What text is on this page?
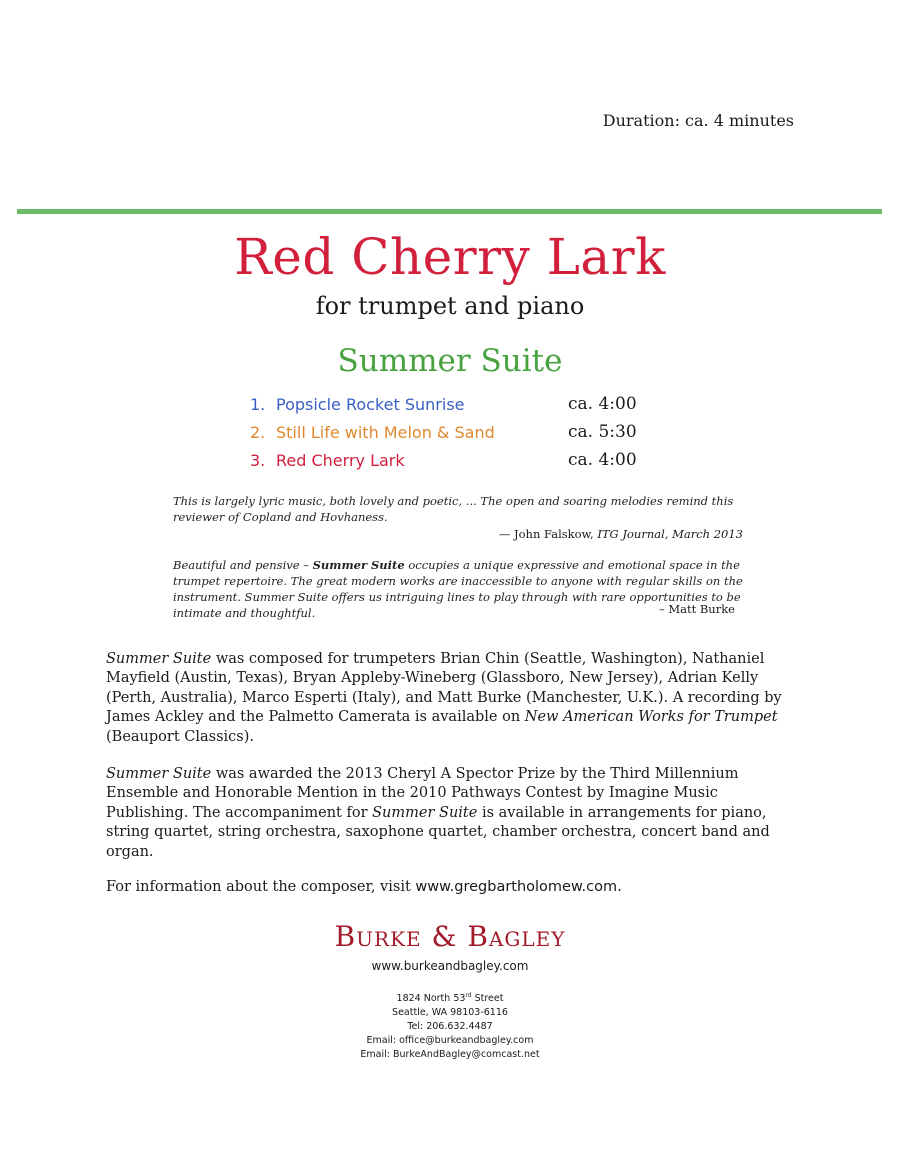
Duration: ca. 4 minutes
Red Cherry Lark
for trumpet and piano
Summer Suite
1. Popsicle Rocket Sunrise	ca. 4:00
2. Still Life with Melon & Sand	ca. 5:30
3. Red Cherry Lark	ca. 4:00
This is largely lyric music, both lovely and poetic, ... The open and soaring melodies remind this reviewer of Copland and Hovhaness.
— John Falskow, ITG Journal, March 2013
Beautiful and pensive – Summer Suite occupies a unique expressive and emotional space in the trumpet repertoire. The great modern works are inaccessible to anyone with regular skills on the instrument. Summer Suite offers us intriguing lines to play through with rare opportunities to be intimate and thoughtful.	– Matt Burke
Summer Suite was composed for trumpeters Brian Chin (Seattle, Washington), Nathaniel Mayfield (Austin, Texas), Bryan Appleby-Wineberg (Glassboro, New Jersey), Adrian Kelly (Perth, Australia), Marco Esperti (Italy), and Matt Burke (Manchester, U.K.). A recording by James Ackley and the Palmetto Camerata is available on New American Works for Trumpet (Beauport Classics).
Summer Suite was awarded the 2013 Cheryl A Spector Prize by the Third Millennium Ensemble and Honorable Mention in the 2010 Pathways Contest by Imagine Music Publishing. The accompaniment for Summer Suite is available in arrangements for piano, string quartet, string orchestra, saxophone quartet, chamber orchestra, concert band and organ.
For information about the composer, visit www.gregbartholomew.com.
Burke & Bagley
www.burkeandbagley.com
1824 North 53rd Street
Seattle, WA 98103-6116
Tel: 206.632.4487
Email: office@burkeandbagley.com
Email: BurkeAndBagley@comcast.net
